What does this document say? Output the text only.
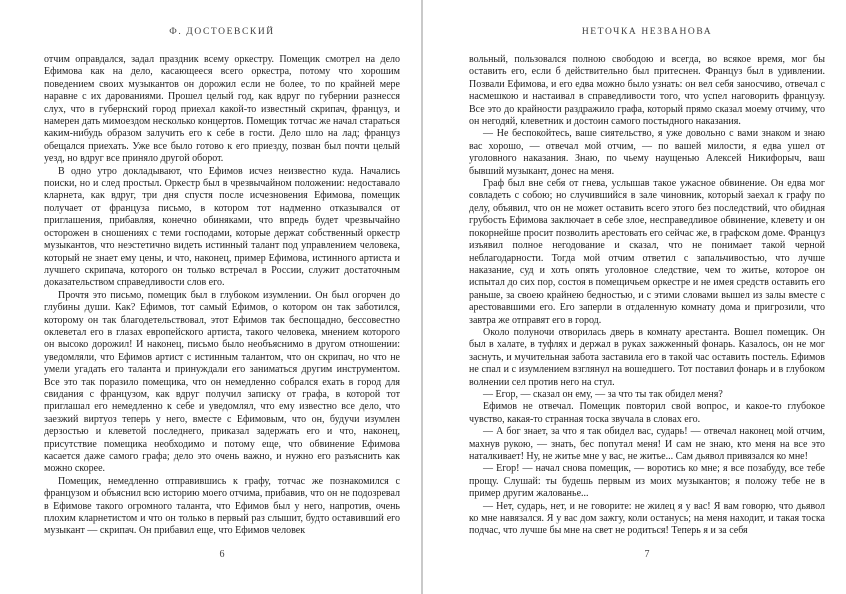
Ф. ДОСТОЕВСКИЙ

отчим оправдался, задал праздник всему оркестру. Помещик смотрел на дело Ефимова как на дело, касающееся всего оркестра, потому что хорошим поведением своих музыкантов он дорожил если не более, то по крайней мере наравне с их дарованиями. Прошел целый год, как вдруг по губернии разнесся слух, что в губернский город приехал какой-то известный скрипач, француз, и намерен дать мимоездом несколько концертов. Помещик тотчас же начал стараться каким-нибудь образом залучить его к себе в гости. Дело шло на лад; француз обещался приехать. Уже все было готово к его приезду, позван был почти целый уезд, но вдруг все приняло другой оборот.

В одно утро докладывают, что Ефимов исчез неизвестно куда. Начались поиски, но и след простыл. Оркестр был в чрезвычайном положении: недоставало кларнета, как вдруг, три дня спустя после исчезновения Ефимова, помещик получает от француза письмо, в котором тот надменно отказывался от приглашения, прибавляя, конечно обиняками, что впредь будет чрезвычайно осторожен в сношениях с теми господами, которые держат собственный оркестр музыкантов, что неэстетично видеть истинный талант под управлением человека, который не знает ему цены, и что, наконец, пример Ефимова, истинного артиста и лучшего скрипача, которого он только встречал в России, служит достаточным доказательством справедливости слов его.

Прочтя это письмо, помещик был в глубоком изумлении. Он был огорчен до глубины души. Как? Ефимов, тот самый Ефимов, о котором он так заботился, которому он так благодетельствовал, этот Ефимов так беспощадно, бессовестно оклеветал его в глазах европейского артиста, такого человека, мнением которого он высоко дорожил! И наконец, письмо было необъяснимо в другом отношении: уведомляли, что Ефимов артист с истинным талантом, что он скрипач, но что не умели угадать его таланта и принуждали его заниматься другим инструментом. Все это так поразило помещика, что он немедленно собрался ехать в город для свидания с французом, как вдруг получил записку от графа, в которой тот приглашал его немедленно к себе и уведомлял, что ему известно все дело, что заезжий виртуоз теперь у него, вместе с Ефимовым, что он, будучи изумлен дерзостью и клеветой последнего, приказал задержать его и что, наконец, присутствие помещика необходимо и потому еще, что обвинение Ефимова касается даже самого графа; дело это очень важно, и нужно его разъяснить как можно скорее.

Помещик, немедленно отправившись к графу, тотчас же познакомился с французом и объяснил всю историю моего отчима, прибавив, что он не подозревал в Ефимове такого огромного таланта, что Ефимов был у него, напротив, очень плохим кларнетистом и что он только в первый раз слышит, будто оставивший его музыкант — скрипач. Он прибавил еще, что Ефимов человек

6
НЕТОЧКА НЕЗВАНОВА

вольный, пользовался полною свободою и всегда, во всякое время, мог бы оставить его, если б действительно был притеснен. Француз был в удивлении. Позвали Ефимова, и его едва можно было узнать: он вел себя заносчиво, отвечал с насмешкою и настаивал в справедливости того, что успел наговорить французу. Все это до крайности раздражило графа, который прямо сказал моему отчиму, что он негодяй, клеветник и достоин самого постыдного наказания.

— Не беспокойтесь, ваше сиятельство, я уже довольно с вами знаком и знаю вас хорошо, — отвечал мой отчим, — по вашей милости, я едва ушел от уголовного наказания. Знаю, по чьему наущенью Алексей Никифорыч, ваш бывший музыкант, донес на меня.

Граф был вне себя от гнева, услышав такое ужасное обвинение. Он едва мог совладеть с собою; но случившийся в зале чиновник, который заехал к графу по делу, объявил, что он не может оставить всего этого без последствий, что обидная грубость Ефимова заключает в себе злое, несправедливое обвинение, клевету и он покорнейше просит позволить арестовать его сейчас же, в графском доме. Француз изъявил полное негодование и сказал, что не понимает такой черной неблагодарности. Тогда мой отчим ответил с запальчивостью, что лучше наказание, суд и хоть опять уголовное следствие, чем то житье, которое он испытал до сих пор, состоя в помещичьем оркестре и не имея средств оставить его раньше, за своею крайнею бедностью, и с этими словами вышел из залы вместе с арестовавшими его. Его заперли в отдаленную комнату дома и пригрозили, что завтра же отправят его в город.

Около полуночи отворилась дверь в комнату арестанта. Вошел помещик. Он был в халате, в туфлях и держал в руках зажженный фонарь. Казалось, он не мог заснуть, и мучительная забота заставила его в такой час оставить постель. Ефимов не спал и с изумлением взглянул на вошедшего. Тот поставил фонарь и в глубоком волнении сел против него на стул.

— Егор, — сказал он ему, — за что ты так обидел меня?

Ефимов не отвечал. Помещик повторил свой вопрос, и какое-то глубокое чувство, какая-то странная тоска звучала в словах его.

— А бог знает, за что я так обидел вас, сударь! — отвечал наконец мой отчим, махнув рукою, — знать, бес попутал меня! И сам не знаю, кто меня на все это наталкивает! Ну, не житье мне у вас, не житье... Сам дьявол привязался ко мне!

— Егор! — начал снова помещик, — воротись ко мне; я все позабуду, все тебе прощу. Слушай: ты будешь первым из моих музыкантов; я положу тебе не в пример другим жалованье...

— Нет, сударь, нет, и не говорите: не жилец я у вас! Я вам говорю, что дьявол ко мне навязался. Я у вас дом зажгу, коли останусь; на меня находит, и такая тоска подчас, что лучше бы мне на свет не родиться! Теперь я и за себя

7
